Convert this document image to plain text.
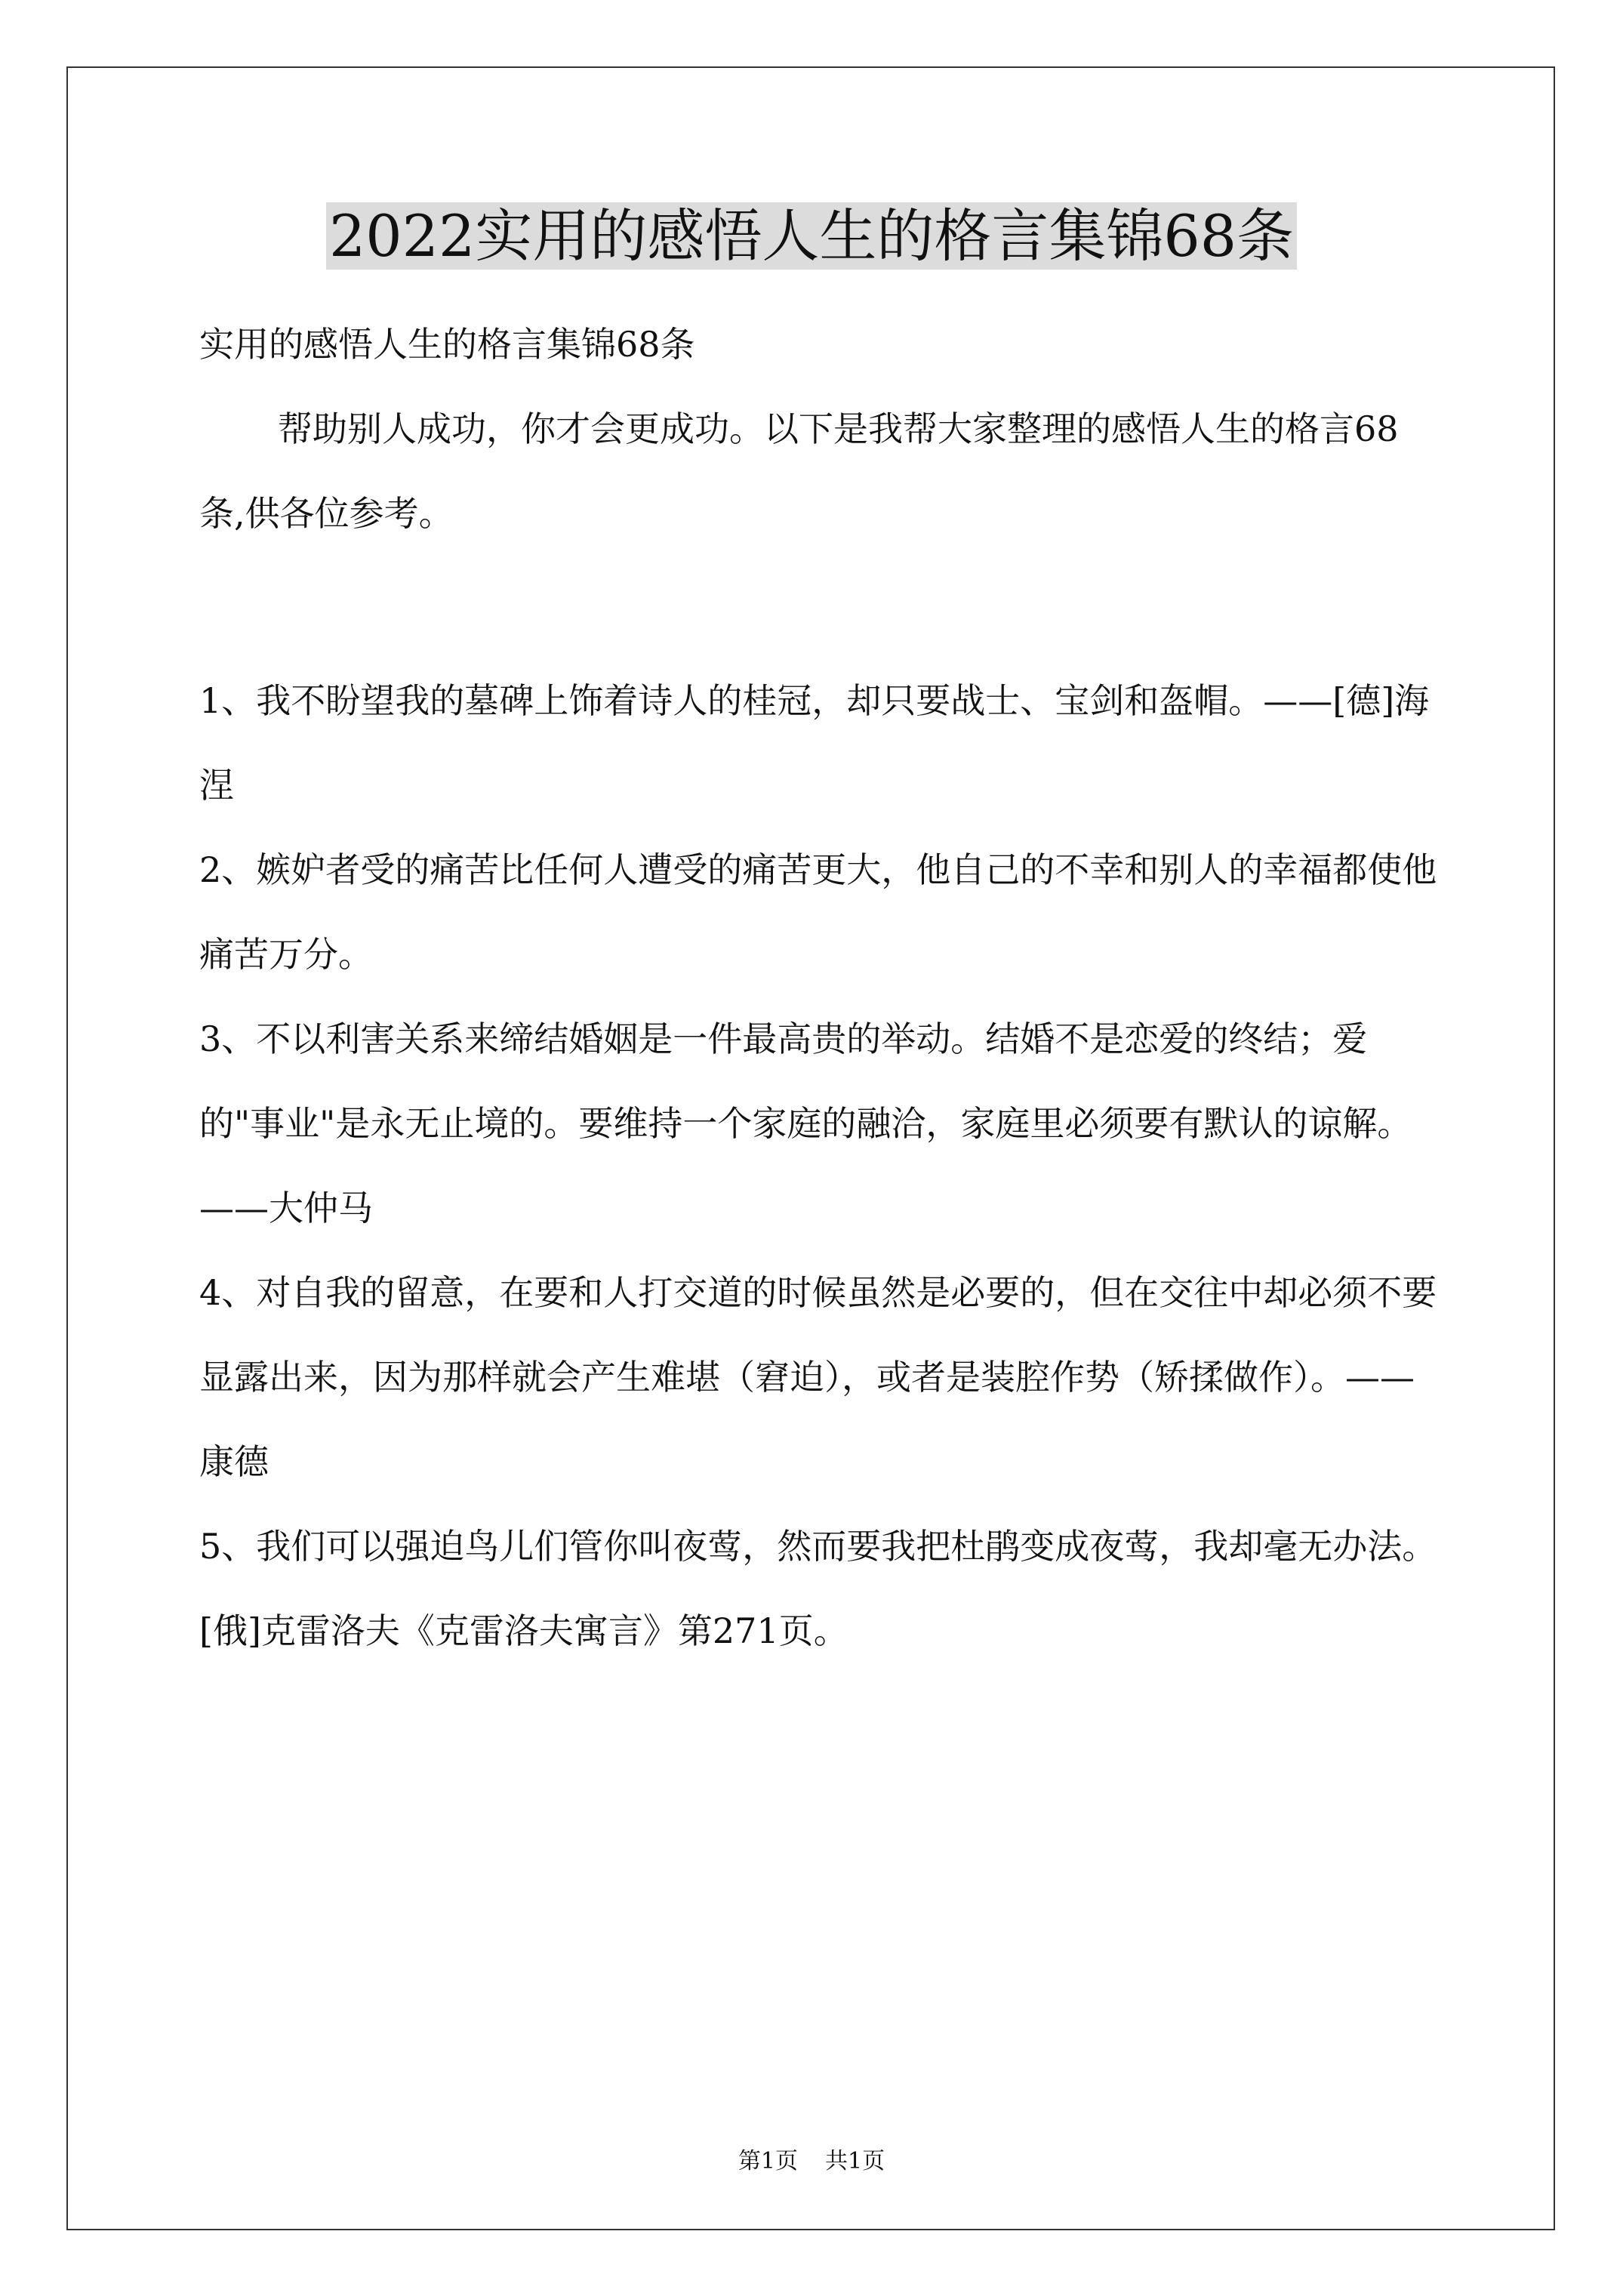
2022实用的感悟人生的格言集锦68条

实用的感悟人生的格言集锦68条

帮助别人成功，你才会更成功。以下是我帮大家整理的感悟人生的格言68条,供各位参考。

1、我不盼望我的墓碑上饰着诗人的桂冠，却只要战士、宝剑和盔帽。——[德]海涅

2、嫉妒者受的痛苦比任何人遭受的痛苦更大，他自己的不幸和别人的幸福都使他痛苦万分。

3、不以利害关系来缔结婚姻是一件最高贵的举动。结婚不是恋爱的终结；爱的"事业"是永无止境的。要维持一个家庭的融洽，家庭里必须要有默认的谅解。——大仲马

4、对自我的留意，在要和人打交道的时候虽然是必要的，但在交往中却必须不要显露出来，因为那样就会产生难堪（窘迫），或者是装腔作势（矫揉做作）。——康德

5、我们可以强迫鸟儿们管你叫夜莺，然而要我把杜鹃变成夜莺，我却毫无办法。[俄]克雷洛夫《克雷洛夫寓言》第271页。

第1页 共1页
